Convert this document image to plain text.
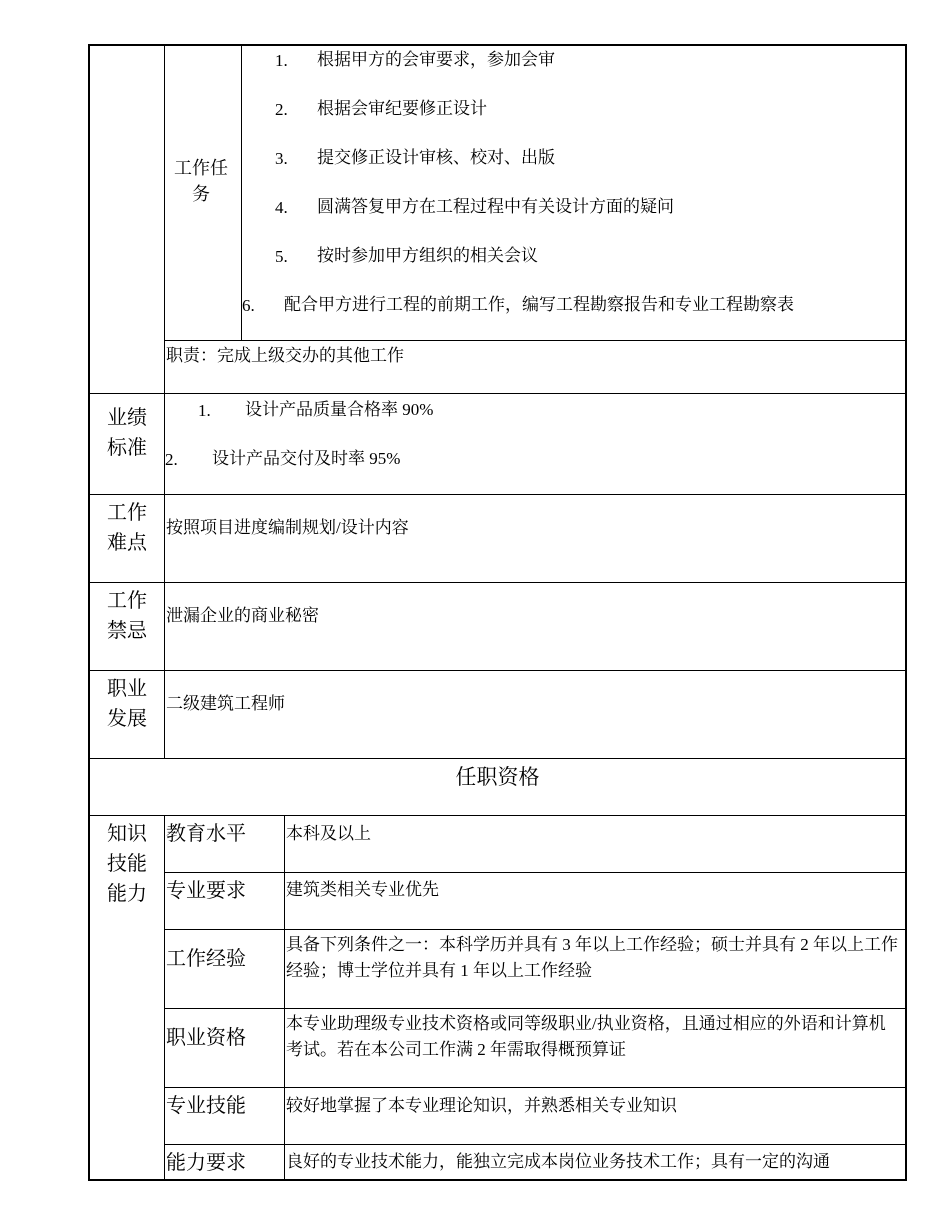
工作任务
1. 根据甲方的会审要求，参加会审
2. 根据会审纪要修正设计
3. 提交修正设计审核、校对、出版
4. 圆满答复甲方在工程过程中有关设计方面的疑问
5. 按时参加甲方组织的相关会议
6. 配合甲方进行工程的前期工作，编写工程勘察报告和专业工程勘察表
职责：完成上级交办的其他工作
业绩标准
1. 设计产品质量合格率 90%
2. 设计产品交付及时率 95%
工作难点
按照项目进度编制规划/设计内容
工作禁忌
泄漏企业的商业秘密
职业发展
二级建筑工程师
任职资格
知识技能能力
教育水平 本科及以上
专业要求 建筑类相关专业优先
工作经验
具备下列条件之一：本科学历并具有 3 年以上工作经验；硕士并具有 2 年以上工作经验；博士学位并具有 1 年以上工作经验
职业资格
本专业助理级专业技术资格或同等级职业/执业资格，且通过相应的外语和计算机考试。若在本公司工作满 2 年需取得概预算证
专业技能 较好地掌握了本专业理论知识，并熟悉相关专业知识
能力要求 良好的专业技术能力，能独立完成本岗位业务技术工作；具有一定的沟通
